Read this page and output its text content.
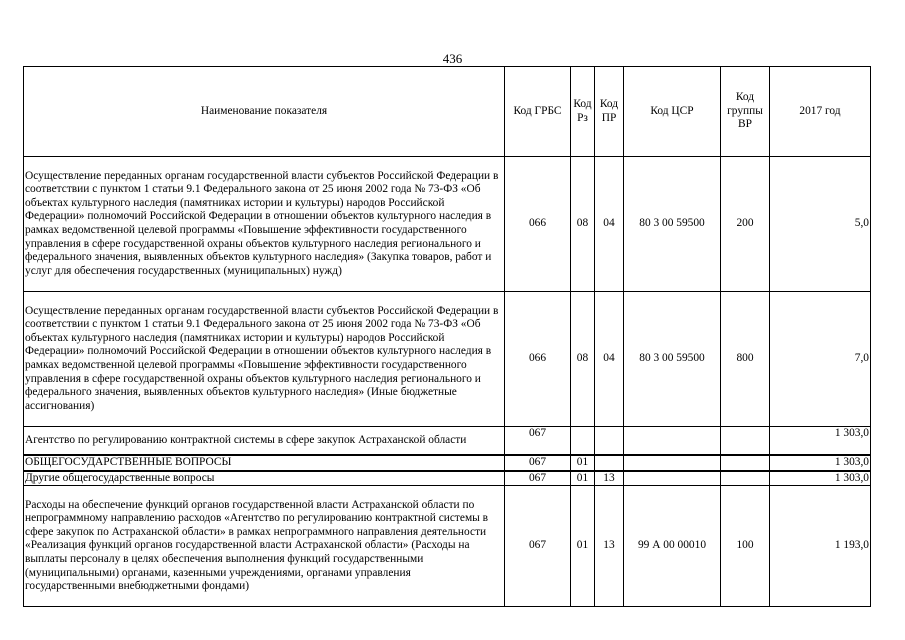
436
Наименование показателя	Код ГРБС	Код Рз	Код ПР	Код ЦСР	Код группы ВР	2017 год
Осуществление переданных органам государственной власти субъектов Российской Федерации в соответствии с пунктом 1 статьи 9.1 Федерального закона от 25 июня 2002 года № 73-ФЗ «Об объектах культурного наследия (памятниках истории и культуры) народов Российской Федерации» полномочий Российской Федерации в отношении объектов культурного наследия в рамках ведомственной целевой программы «Повышение эффективности государственного управления в сфере государственной охраны объектов культурного наследия регионального и федерального значения, выявленных объектов культурного наследия» (Закупка товаров, работ и услуг для обеспечения государственных (муниципальных) нужд)	066	08	04	80 3 00 59500	200	5,0
Осуществление переданных органам государственной власти субъектов Российской Федерации в соответствии с пунктом 1 статьи 9.1 Федерального закона от 25 июня 2002 года № 73-ФЗ «Об объектах культурного наследия (памятниках истории и культуры) народов Российской Федерации» полномочий Российской Федерации в отношении объектов культурного наследия в рамках ведомственной целевой программы «Повышение эффективности государственного управления в сфере государственной охраны объектов культурного наследия регионального и федерального значения, выявленных объектов культурного наследия» (Иные бюджетные ассигнования)	066	08	04	80 3 00 59500	800	7,0
Агентство по регулированию контрактной системы в сфере закупок Астраханской области	067					1 303,0
ОБЩЕГОСУДАРСТВЕННЫЕ ВОПРОСЫ	067	01				1 303,0
Другие общегосударственные вопросы	067	01	13			1 303,0
Расходы на обеспечение функций органов государственной власти Астраханской области по непрограммному направлению расходов «Агентство по регулированию контрактной системы в сфере закупок по Астраханской области» в рамках непрограммного направления деятельности «Реализация функций органов государственной власти Астраханской области» (Расходы на выплаты персоналу в целях обеспечения выполнения функций государственными (муниципальными) органами, казенными учреждениями, органами управления государственными внебюджетными фондами)	067	01	13	99 А 00 00010	100	1 193,0
